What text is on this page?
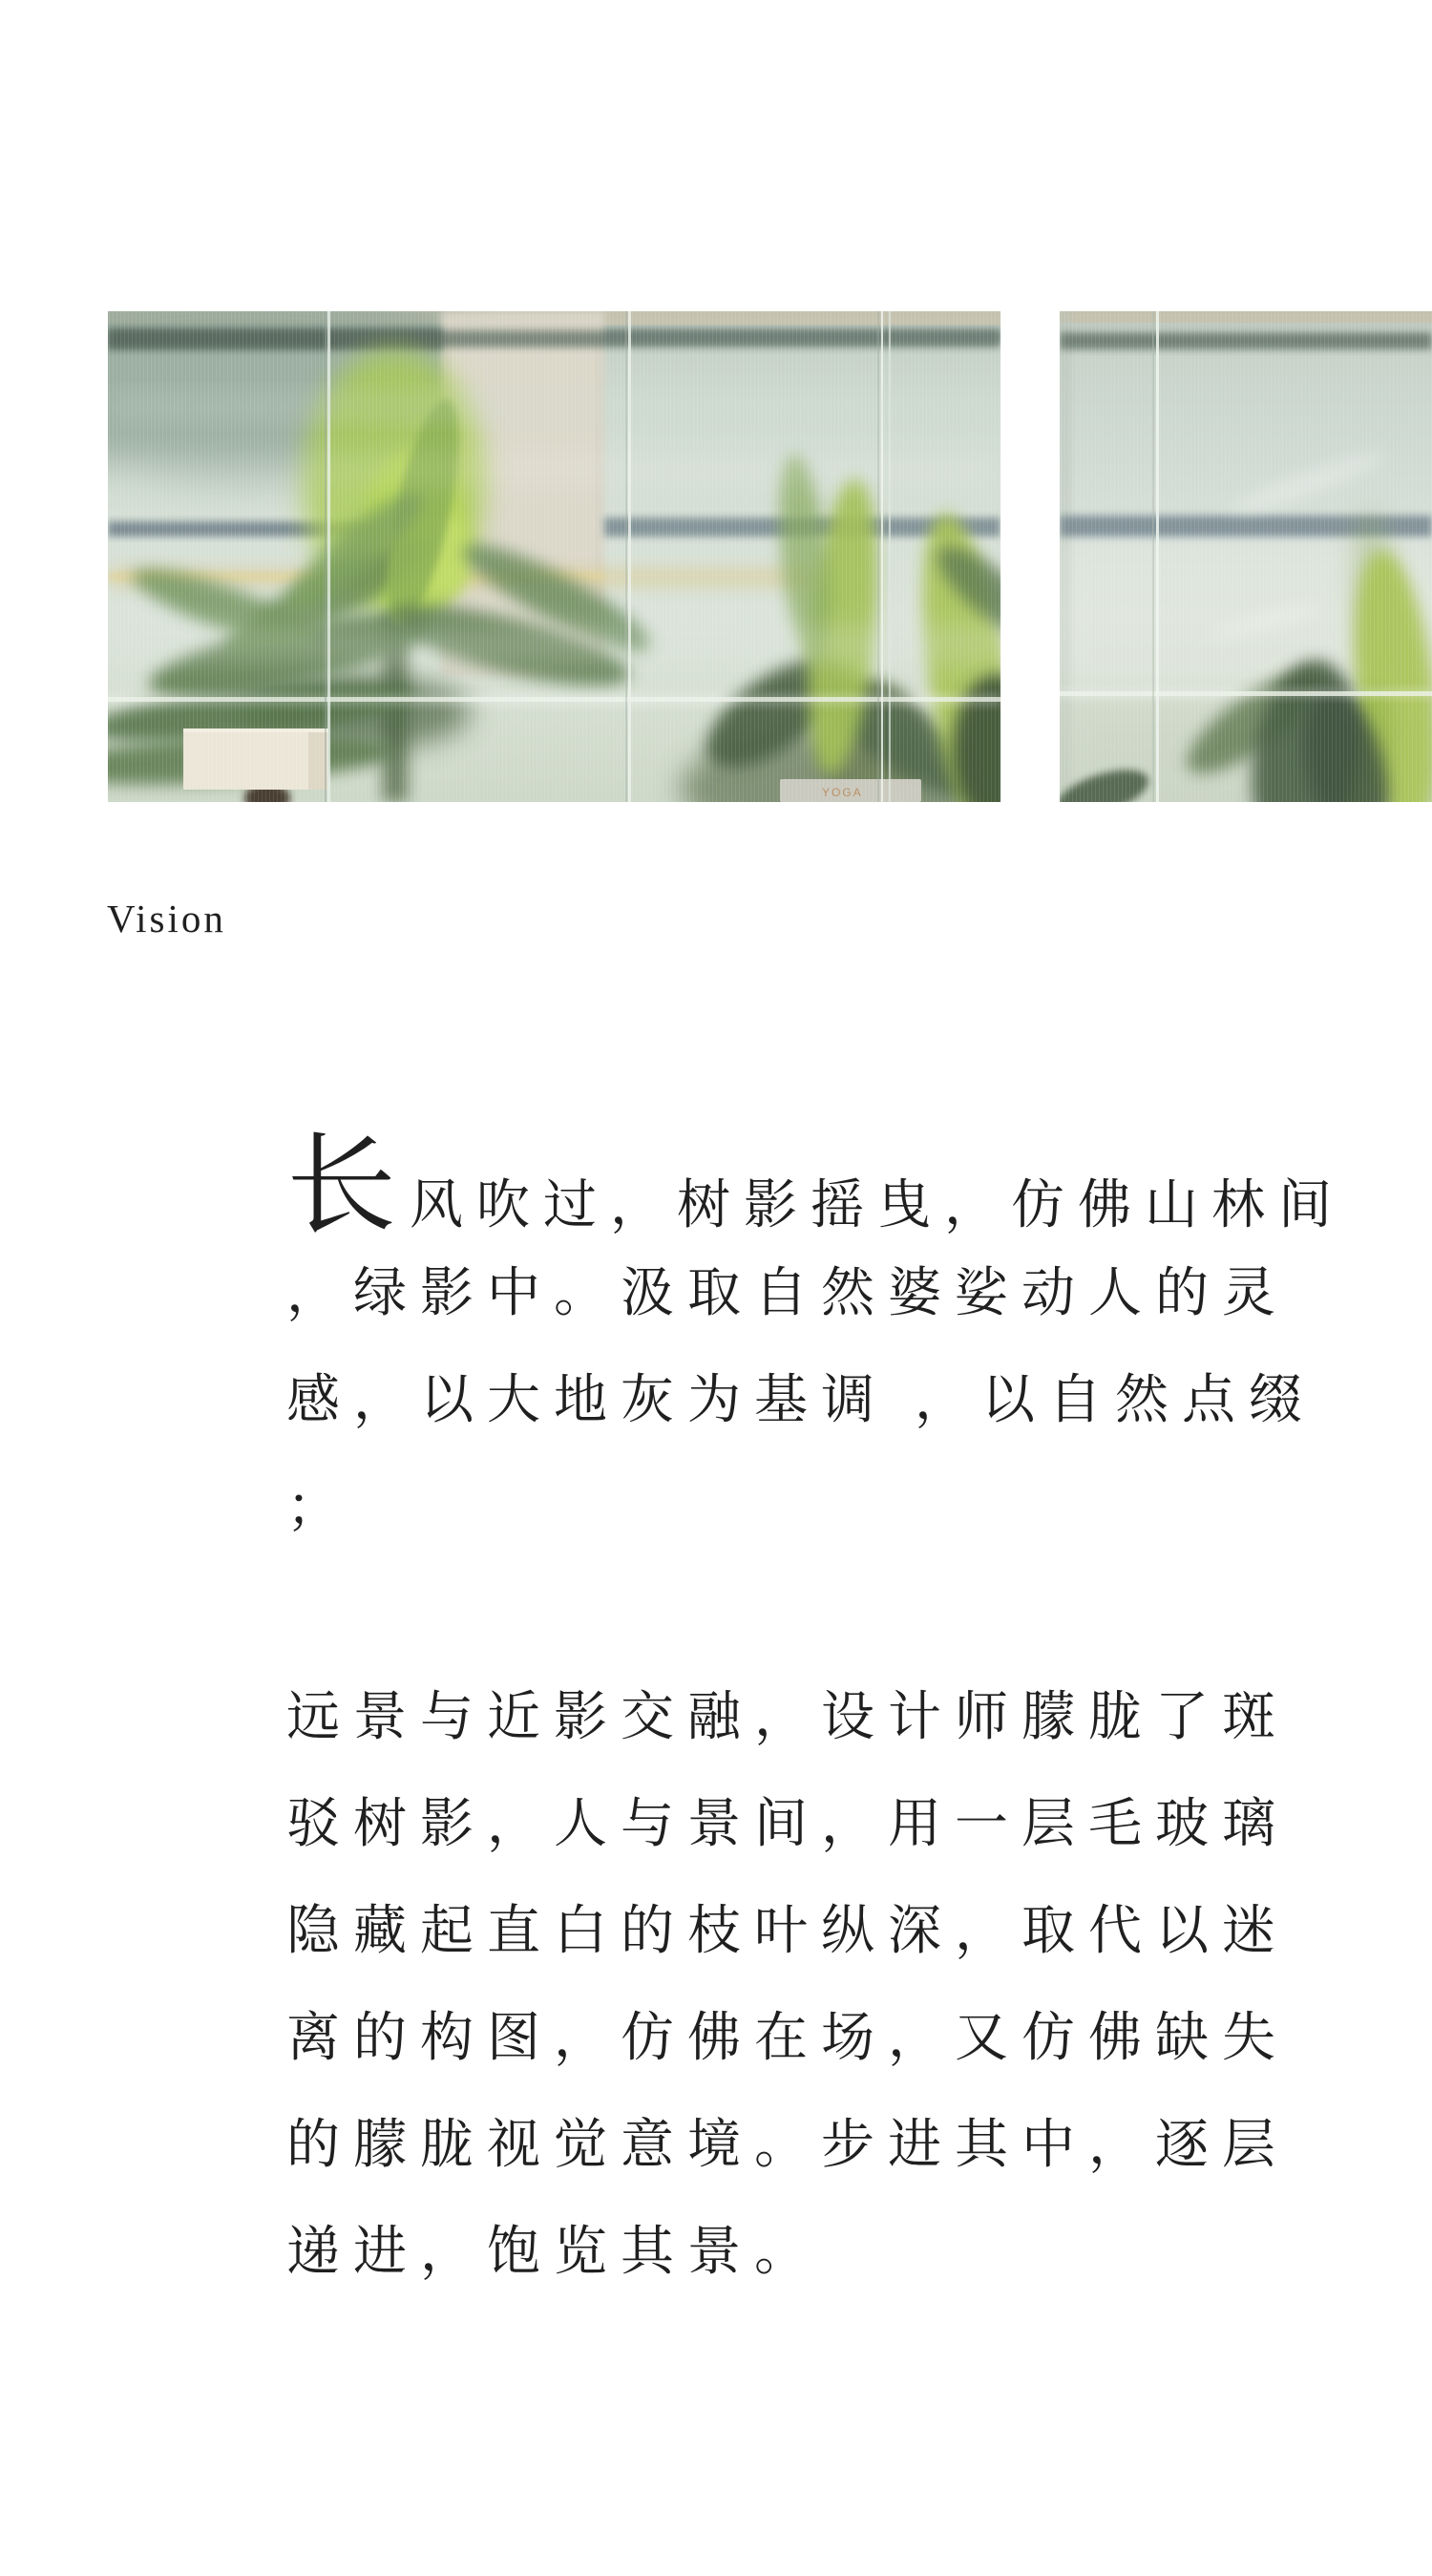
Vision
长风吹过，树影摇曳，仿佛山林间
，绿影中。汲取自然婆娑动人的灵
感，以大地灰为基调 ，以自然点缀
；
远景与近影交融，设计师朦胧了斑
驳树影，人与景间，用一层毛玻璃
隐藏起直白的枝叶纵深，取代以迷
离的构图，仿佛在场，又仿佛缺失
的朦胧视觉意境。步进其中，逐层
递进，饱览其景。
